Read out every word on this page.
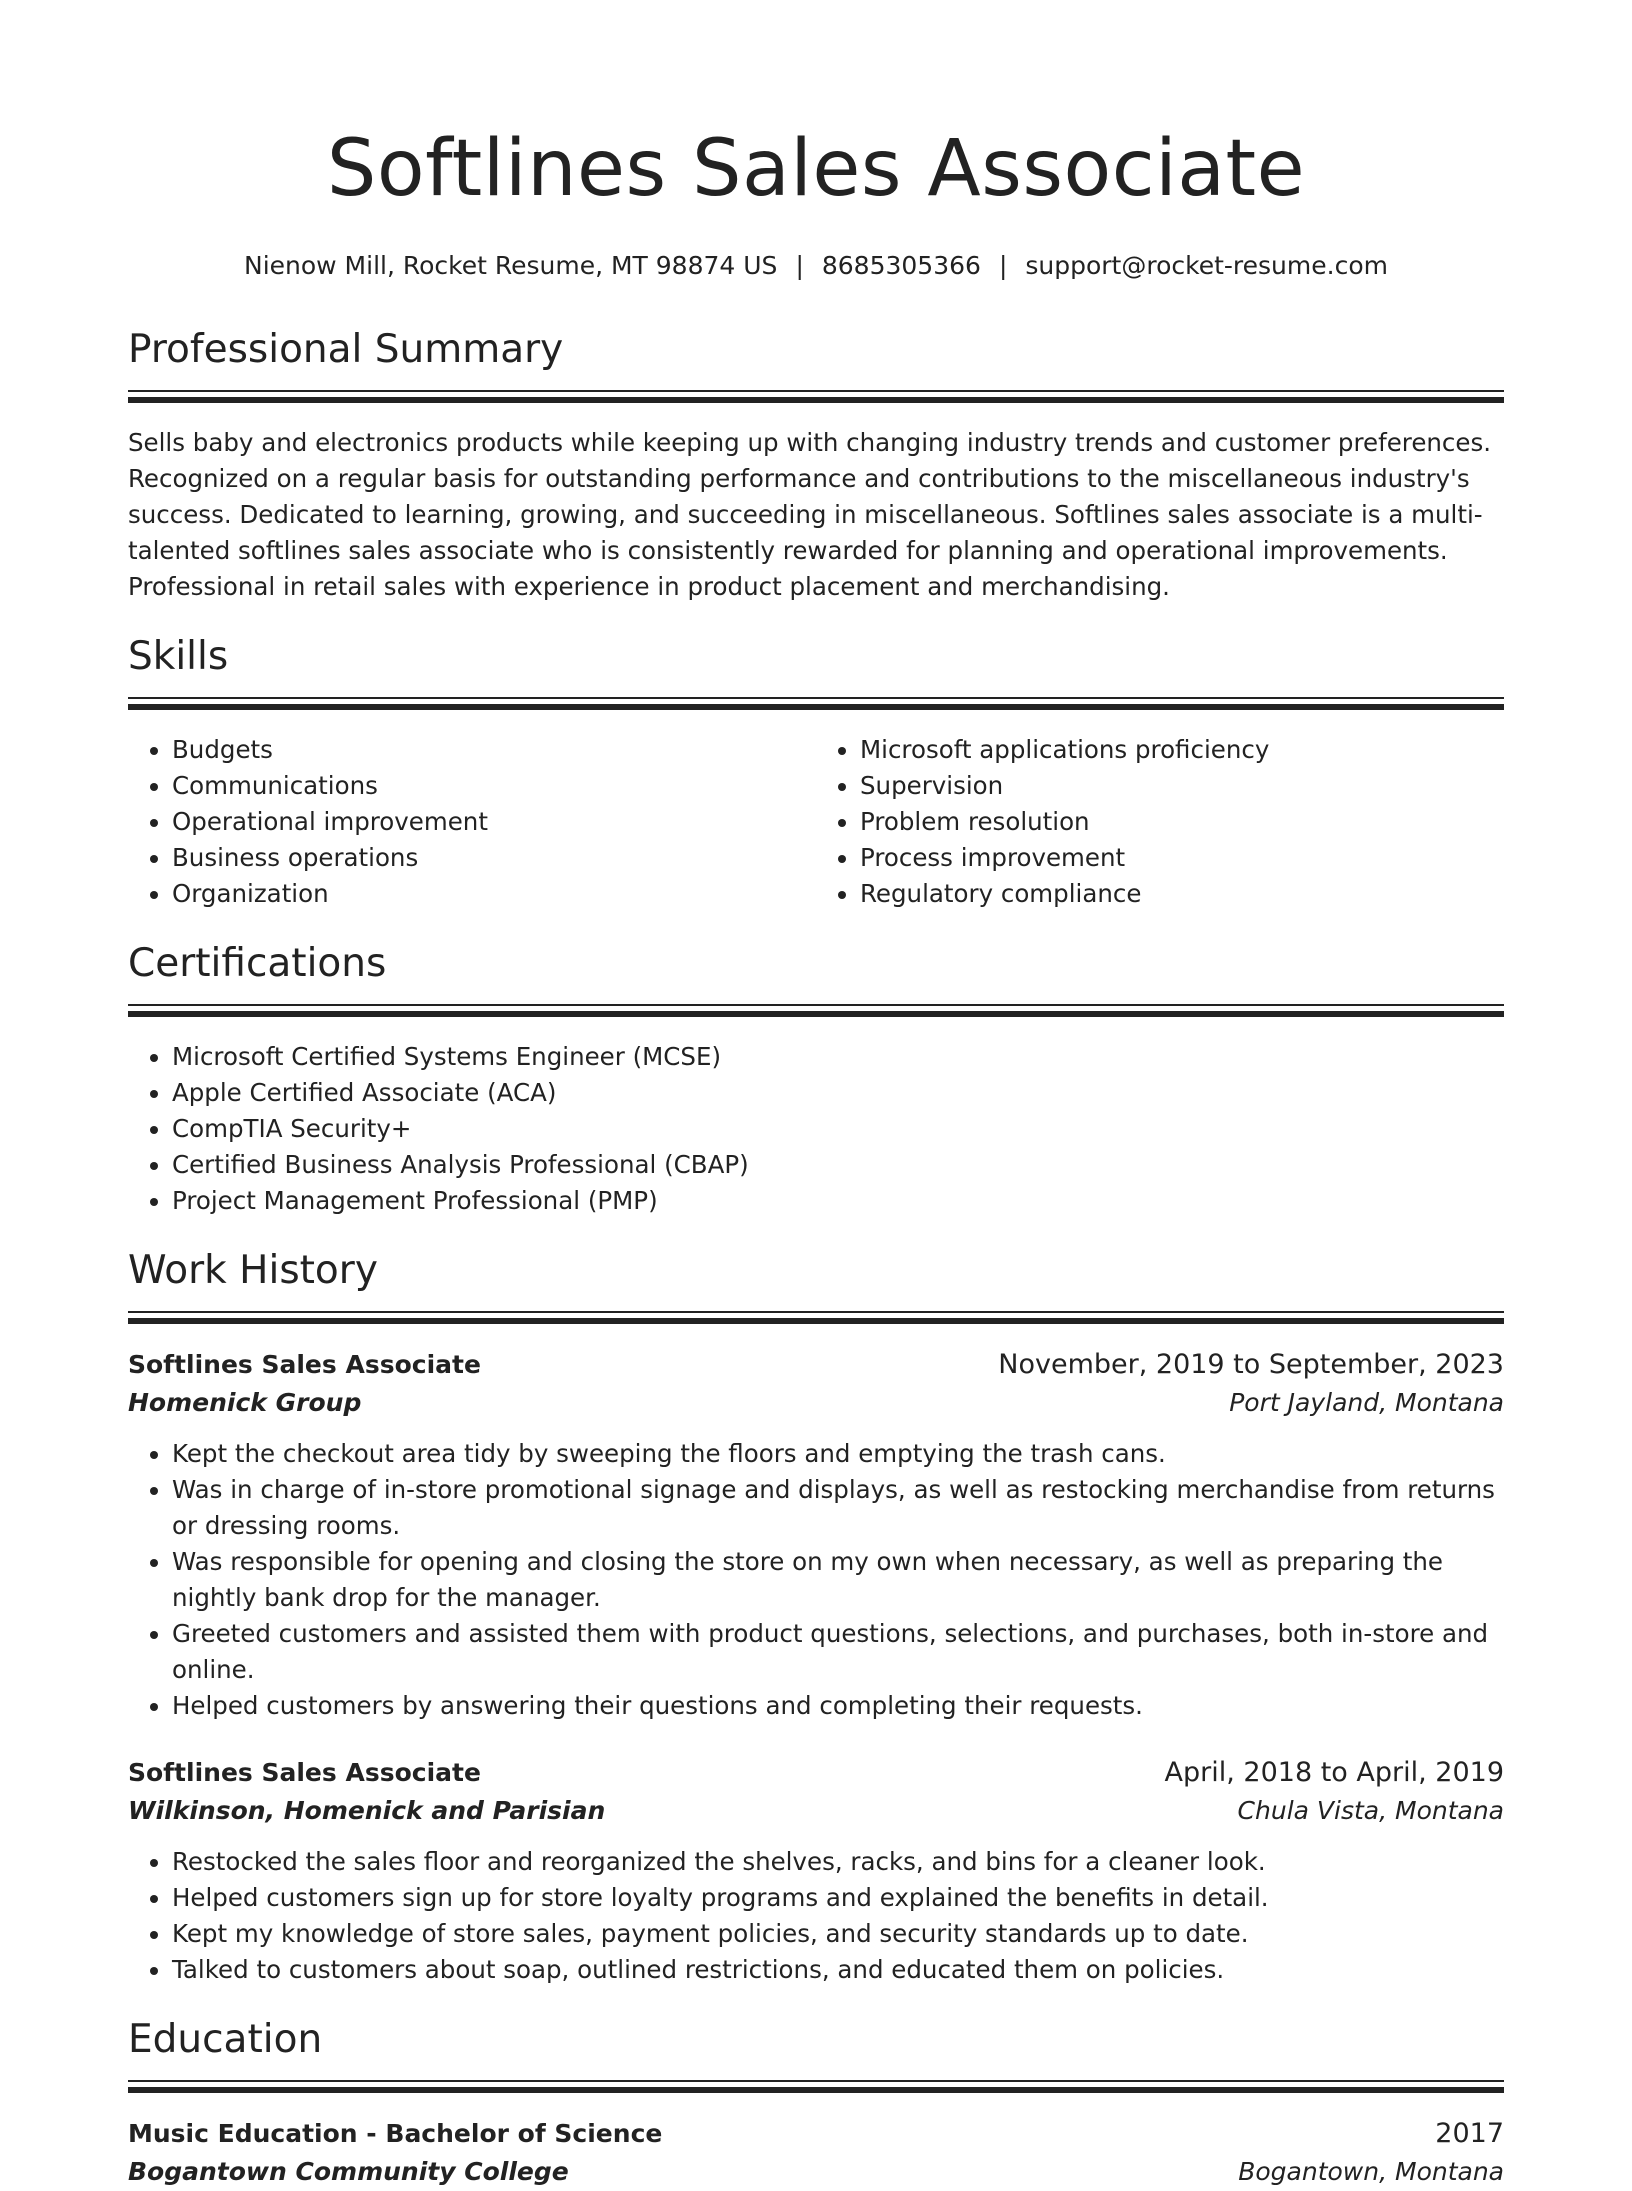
Softlines Sales Associate
Nienow Mill, Rocket Resume, MT 98874 US | 8685305366 | support@rocket-resume.com
Professional Summary

Sells baby and electronics products while keeping up with changing industry trends and customer preferences. Recognized on a regular basis for outstanding performance and contributions to the miscellaneous industry's success. Dedicated to learning, growing, and succeeding in miscellaneous. Softlines sales associate is a multi-talented softlines sales associate who is consistently rewarded for planning and operational improvements. Professional in retail sales with experience in product placement and merchandising.

Skills
• Budgets
• Communications
• Operational improvement
• Business operations
• Organization
• Microsoft applications proficiency
• Supervision
• Problem resolution
• Process improvement
• Regulatory compliance
Certifications
• Microsoft Certified Systems Engineer (MCSE)
• Apple Certified Associate (ACA)
• CompTIA Security+
• Certified Business Analysis Professional (CBAP)
• Project Management Professional (PMP)
Work History
Softlines Sales Associate	November, 2019 to September, 2023
Homenick Group	Port Jayland, Montana
• Kept the checkout area tidy by sweeping the floors and emptying the trash cans.
• Was in charge of in-store promotional signage and displays, as well as restocking merchandise from returns or dressing rooms.
• Was responsible for opening and closing the store on my own when necessary, as well as preparing the nightly bank drop for the manager.
• Greeted customers and assisted them with product questions, selections, and purchases, both in-store and online.
• Helped customers by answering their questions and completing their requests.
Softlines Sales Associate	April, 2018 to April, 2019
Wilkinson, Homenick and Parisian	Chula Vista, Montana
• Restocked the sales floor and reorganized the shelves, racks, and bins for a cleaner look.
• Helped customers sign up for store loyalty programs and explained the benefits in detail.
• Kept my knowledge of store sales, payment policies, and security standards up to date.
• Talked to customers about soap, outlined restrictions, and educated them on policies.
Education
Music Education - Bachelor of Science	2017
Bogantown Community College	Bogantown, Montana
